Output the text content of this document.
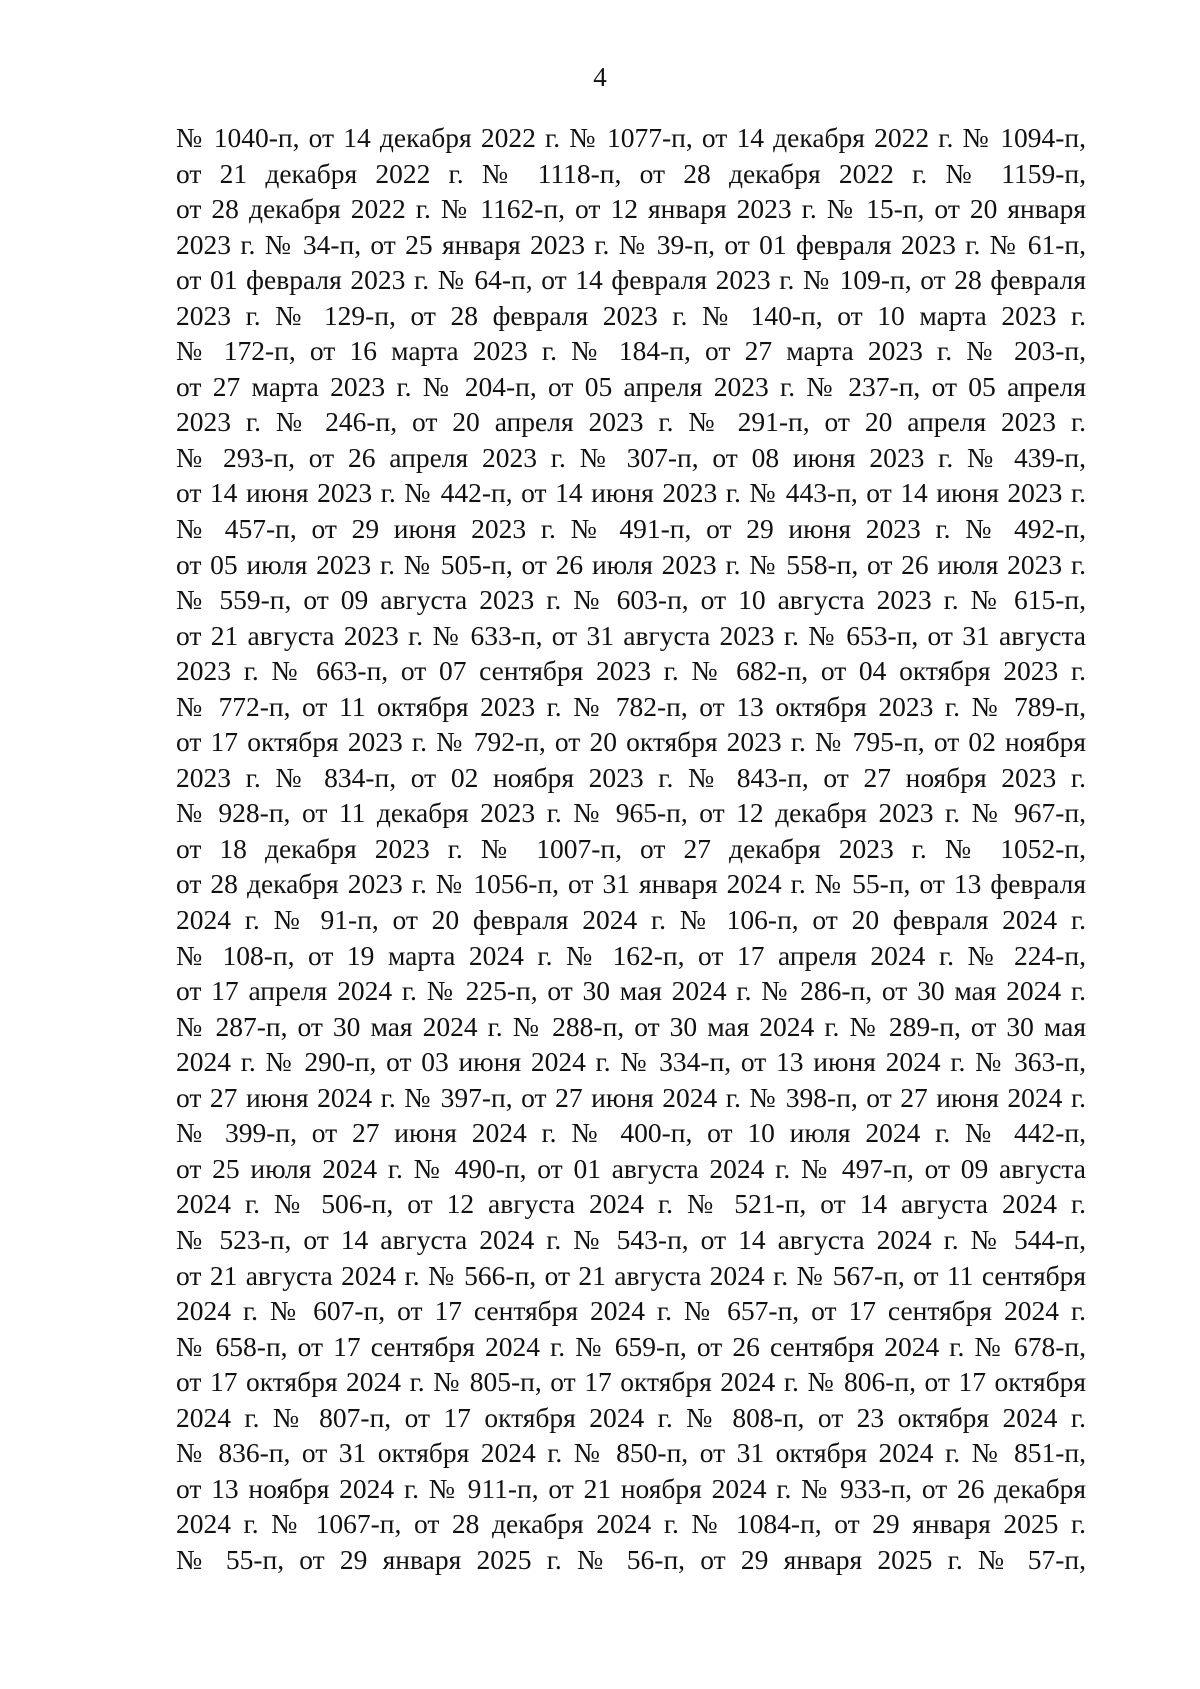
4
№ 1040-п, от 14 декабря 2022 г. № 1077-п, от 14 декабря 2022 г. № 1094-п,
от 21 декабря 2022 г. № 1118-п, от 28 декабря 2022 г. № 1159-п,
от 28 декабря 2022 г. № 1162-п, от 12 января 2023 г. № 15-п, от 20 января
2023 г. № 34-п, от 25 января 2023 г. № 39-п, от 01 февраля 2023 г. № 61-п,
от 01 февраля 2023 г. № 64-п, от 14 февраля 2023 г. № 109-п, от 28 февраля
2023 г. № 129-п, от 28 февраля 2023 г. № 140-п, от 10 марта 2023 г.
№ 172-п, от 16 марта 2023 г. № 184-п, от 27 марта 2023 г. № 203-п,
от 27 марта 2023 г. № 204-п, от 05 апреля 2023 г. № 237-п, от 05 апреля
2023 г. № 246-п, от 20 апреля 2023 г. № 291-п, от 20 апреля 2023 г.
№ 293-п, от 26 апреля 2023 г. № 307-п, от 08 июня 2023 г. № 439-п,
от 14 июня 2023 г. № 442-п, от 14 июня 2023 г. № 443-п, от 14 июня 2023 г.
№ 457-п, от 29 июня 2023 г. № 491-п, от 29 июня 2023 г. № 492-п,
от 05 июля 2023 г. № 505-п, от 26 июля 2023 г. № 558-п, от 26 июля 2023 г.
№ 559-п, от 09 августа 2023 г. № 603-п, от 10 августа 2023 г. № 615-п,
от 21 августа 2023 г. № 633-п, от 31 августа 2023 г. № 653-п, от 31 августа
2023 г. № 663-п, от 07 сентября 2023 г. № 682-п, от 04 октября 2023 г.
№ 772-п, от 11 октября 2023 г. № 782-п, от 13 октября 2023 г. № 789-п,
от 17 октября 2023 г. № 792-п, от 20 октября 2023 г. № 795-п, от 02 ноября
2023 г. № 834-п, от 02 ноября 2023 г. № 843-п, от 27 ноября 2023 г.
№ 928-п, от 11 декабря 2023 г. № 965-п, от 12 декабря 2023 г. № 967-п,
от 18 декабря 2023 г. № 1007-п, от 27 декабря 2023 г. № 1052-п,
от 28 декабря 2023 г. № 1056-п, от 31 января 2024 г. № 55-п, от 13 февраля
2024 г. № 91-п, от 20 февраля 2024 г. № 106-п, от 20 февраля 2024 г.
№ 108-п, от 19 марта 2024 г. № 162-п, от 17 апреля 2024 г. № 224-п,
от 17 апреля 2024 г. № 225-п, от 30 мая 2024 г. № 286-п, от 30 мая 2024 г.
№ 287-п, от 30 мая 2024 г. № 288-п, от 30 мая 2024 г. № 289-п, от 30 мая
2024 г. № 290-п, от 03 июня 2024 г. № 334-п, от 13 июня 2024 г. № 363-п,
от 27 июня 2024 г. № 397-п, от 27 июня 2024 г. № 398-п, от 27 июня 2024 г.
№ 399-п, от 27 июня 2024 г. № 400-п, от 10 июля 2024 г. № 442-п,
от 25 июля 2024 г. № 490-п, от 01 августа 2024 г. № 497-п, от 09 августа
2024 г. № 506-п, от 12 августа 2024 г. № 521-п, от 14 августа 2024 г.
№ 523-п, от 14 августа 2024 г. № 543-п, от 14 августа 2024 г. № 544-п,
от 21 августа 2024 г. № 566-п, от 21 августа 2024 г. № 567-п, от 11 сентября
2024 г. № 607-п, от 17 сентября 2024 г. № 657-п, от 17 сентября 2024 г.
№ 658-п, от 17 сентября 2024 г. № 659-п, от 26 сентября 2024 г. № 678-п,
от 17 октября 2024 г. № 805-п, от 17 октября 2024 г. № 806-п, от 17 октября
2024 г. № 807-п, от 17 октября 2024 г. № 808-п, от 23 октября 2024 г.
№ 836-п, от 31 октября 2024 г. № 850-п, от 31 октября 2024 г. № 851-п,
от 13 ноября 2024 г. № 911-п, от 21 ноября 2024 г. № 933-п, от 26 декабря
2024 г. № 1067-п, от 28 декабря 2024 г. № 1084-п, от 29 января 2025 г.
№ 55-п, от 29 января 2025 г. № 56-п, от 29 января 2025 г. № 57-п,
